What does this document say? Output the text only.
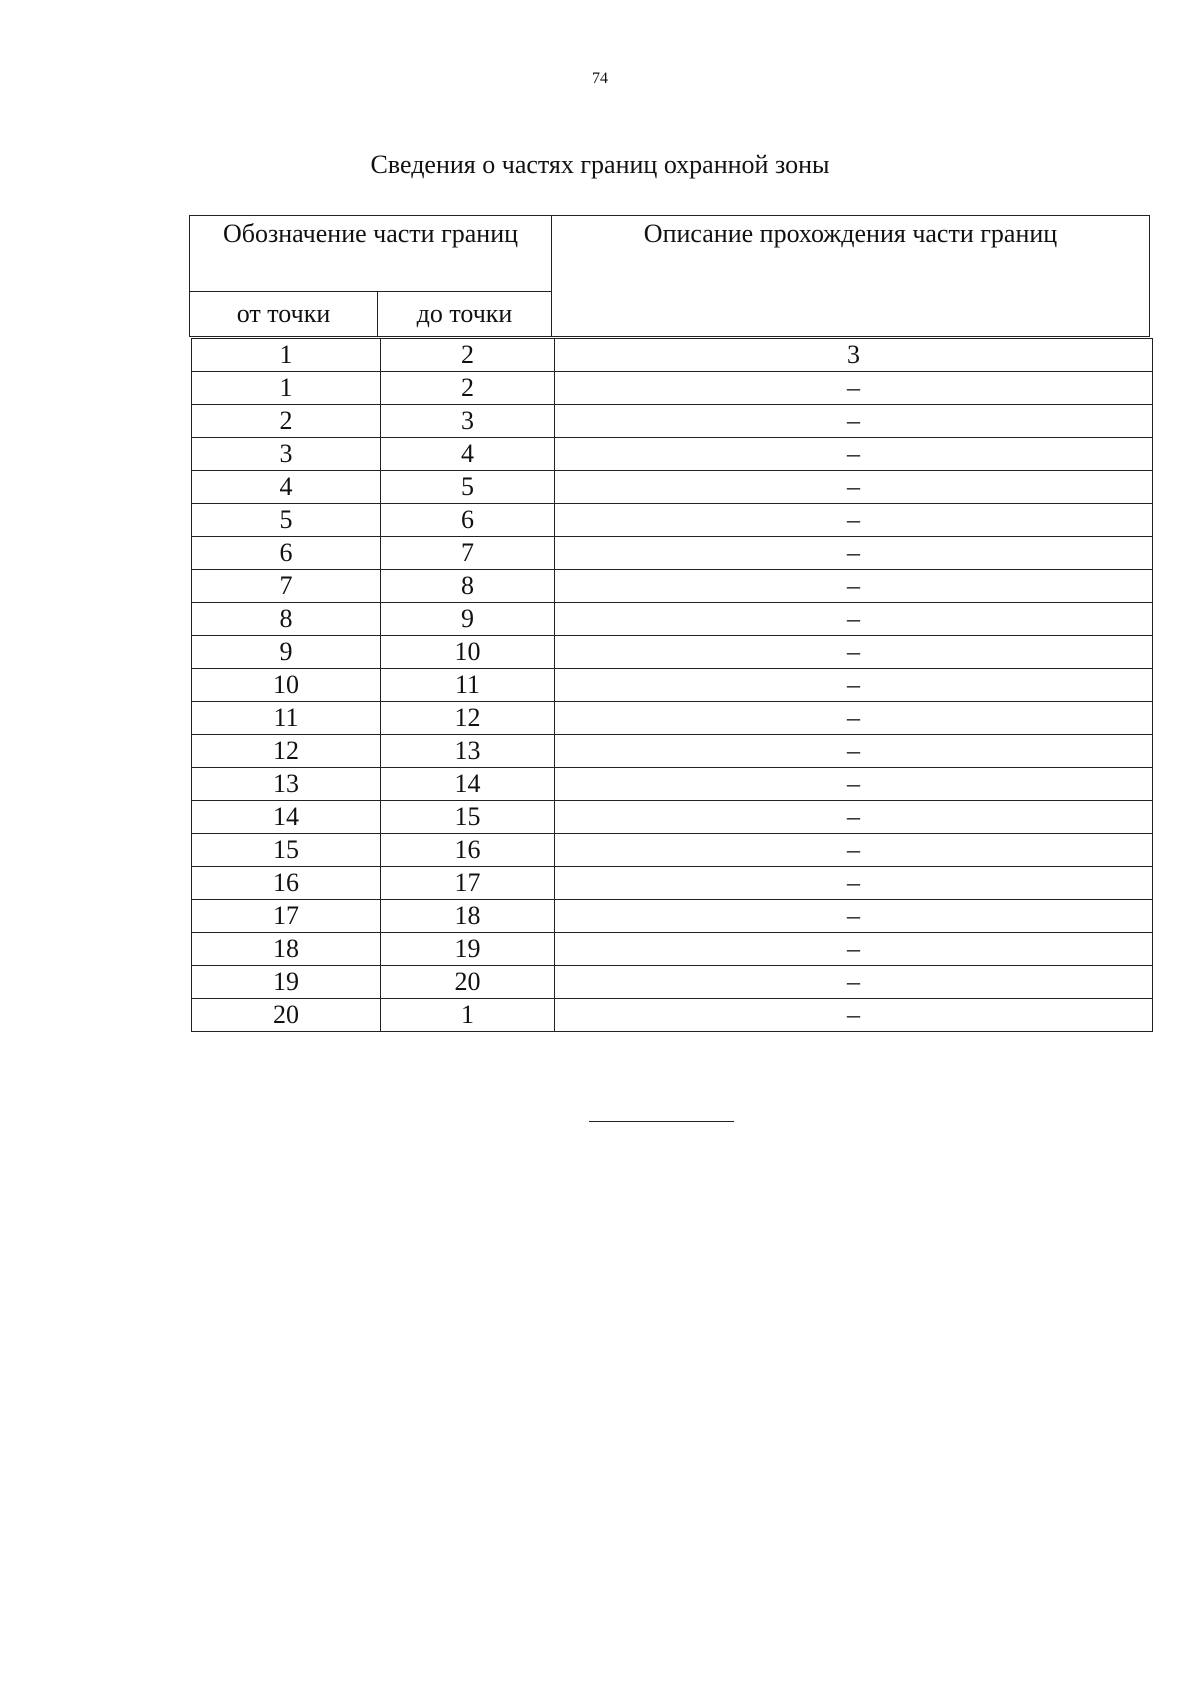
74
Сведения о частях границ охранной зоны
Обозначение части границ		Описание прохождения части границ
от точки	до точки	
1	2	3
1	2	–
2	3	–
3	4	–
4	5	–
5	6	–
6	7	–
7	8	–
8	9	–
9	10	–
10	11	–
11	12	–
12	13	–
13	14	–
14	15	–
15	16	–
16	17	–
17	18	–
18	19	–
19	20	–
20	1	–
